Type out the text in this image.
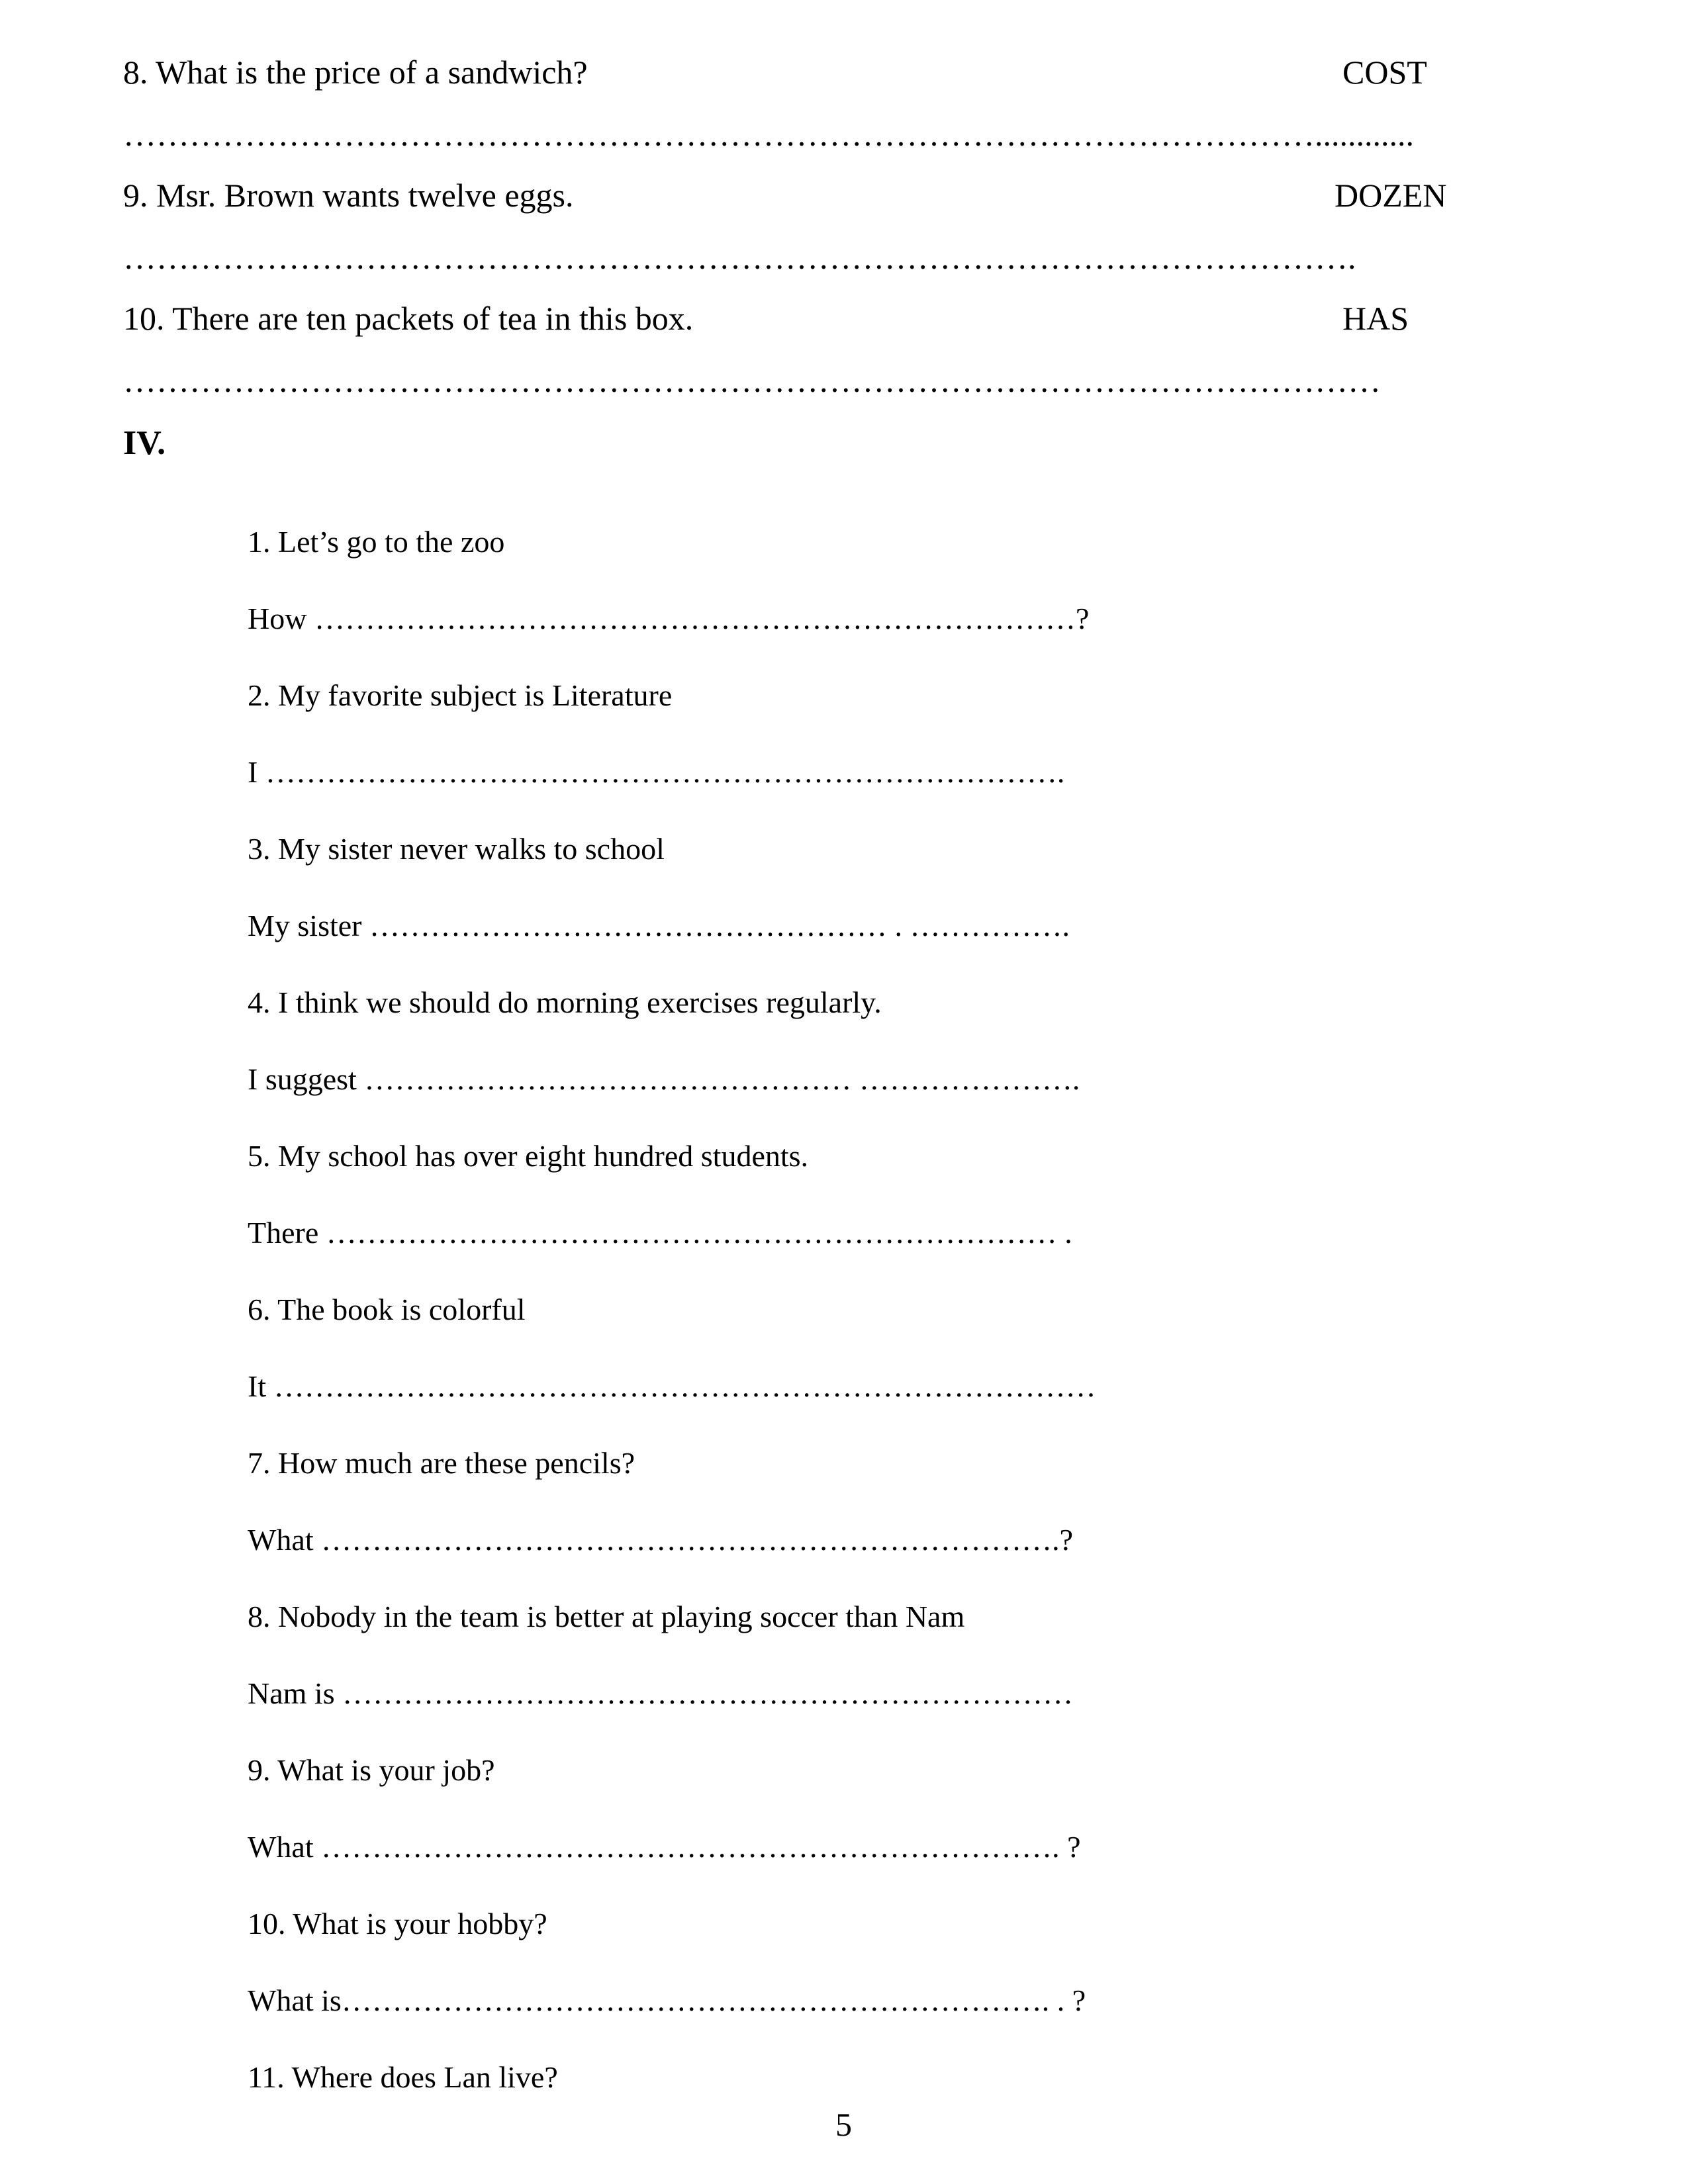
8. What is the price of a sandwich?	COST
………………………………………………………………………………………………............
9. Msr. Brown wants twelve eggs.	DOZEN
………………………………………………………………………………………………….
10. There are ten packets of tea in this box.	HAS
……………………………………………………………………………………………………
IV.
1. Let’s go to the zoo
How …………………………………………………………………?
2. My favorite subject is Literature
I …………………………………………………………………….
3. My sister never walks to school
My sister …………………………………………… . …………….
4. I think we should do morning exercises regularly.
I suggest ………………………………………… ………………….
5. My school has over eight hundred students.
There ……………………………………………………………… .
6. The book is colorful
It ………………………………………………………………………
7. How much are these pencils?
What ……………………………………………………………….?
8. Nobody in the team is better at playing soccer than Nam
Nam is ………………………………………………………………
9. What is your job?
What ………………………………………………………………. ?
10. What is your hobby?
What is……………………………………………………………. . ?
11. Where does Lan live?
5
